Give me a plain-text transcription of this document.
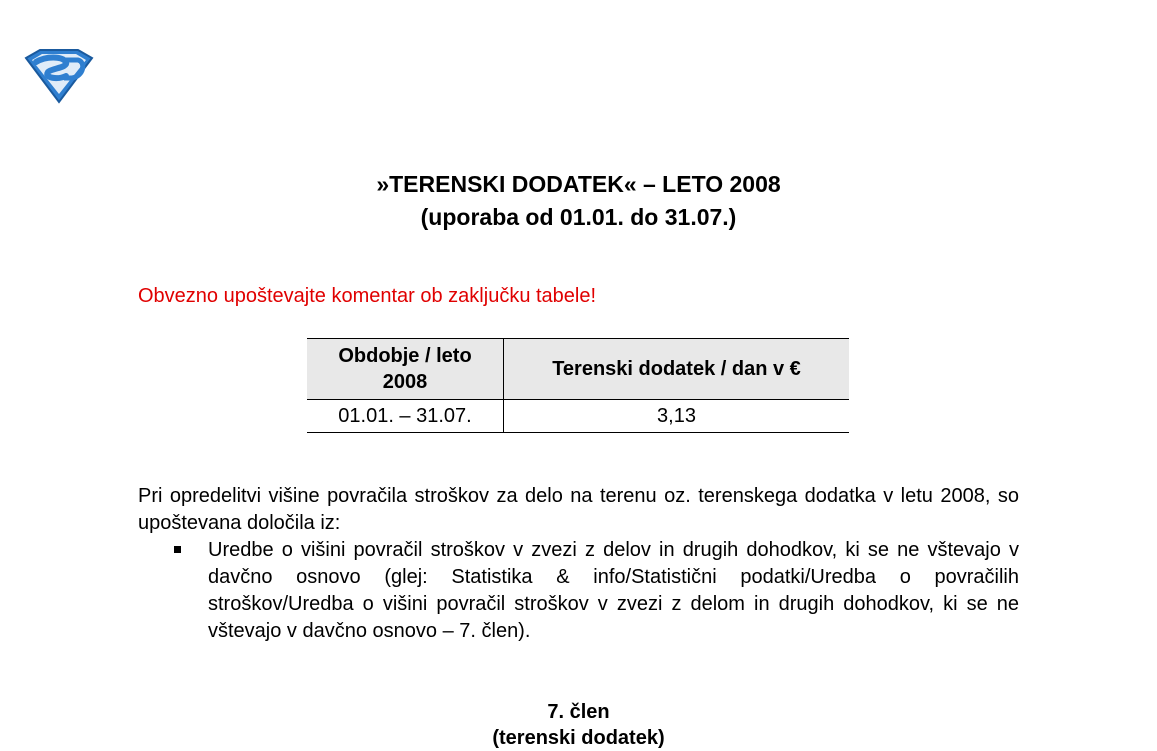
»TERENSKI DODATEK« – LETO 2008
(uporaba od 01.01. do 31.07.)
Obvezno upoštevajte komentar ob zaključku tabele!
Obdobje / leto 2008	Terenski dodatek / dan v €
01.01. – 31.07.	3,13
Pri opredelitvi višine povračila stroškov za delo na terenu oz. terenskega dodatka v letu 2008, so upoštevana določila iz:
Uredbe o višini povračil stroškov v zvezi z delov in drugih dohodkov, ki se ne vštevajo v davčno osnovo (glej: Statistika & info/Statistični podatki/Uredba o povračilih stroškov/Uredba o višini povračil stroškov v zvezi z delom in drugih dohodkov, ki se ne vštevajo v davčno osnovo – 7. člen).
7. člen
(terenski dodatek)
